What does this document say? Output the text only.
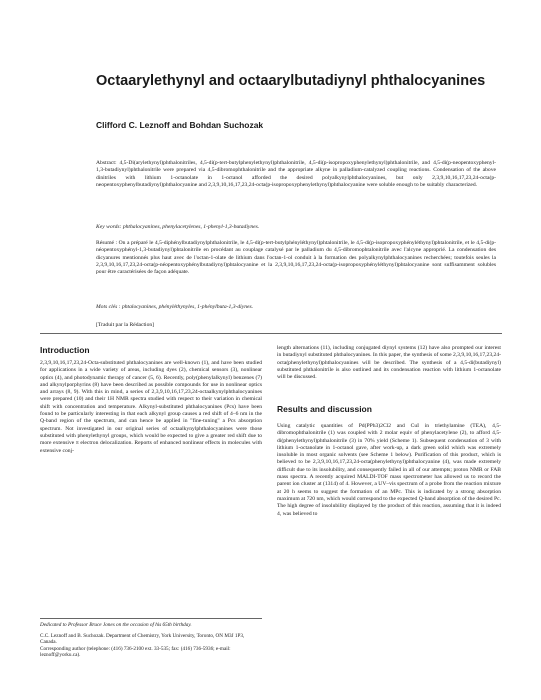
Octaarylethynyl and octaarylbutadiynyl phthalocyanines
Clifford C. Leznoff and Bohdan Suchozak
Abstract: 4,5-Di(arylethynyl)phthalonitriles, 4,5-di(p-tert-butylphenylethynyl)phthalonitrile, 4,5-di(p-isopropoxyphenylethynyl)phthalonitrile, and 4,5-di(p-neopentoxyphenyl-1,3-butadiynyl)phthalonitrile were prepared via 4,5-dibromophthalonitrile and the appropriate alkyne in palladium-catalyzed coupling reactions. Condensation of the above dinitriles with lithium 1-octanolate in 1-octanol afforded the desired polyalkynylphthalocyanines, but only 2,3,9,10,16,17,23,24-octa(p-neopentoxyphenylbutadiynyl)phthalocyanine and 2,3,9,10,16,17,23,24-octa(p-isopropoxyphenylethynyl)phthalocyanine were soluble enough to be suitably characterized.
Key words: phthalocyanines, phenylacetylenes, 1-phenyl-1,3-butadiynes.
Résumé : On a préparé le 4,5-diphénylbutadiynylphthalonitrile, le 4,5-di(p-tert-butylphényléthynyl)phtalonitrile, le 4,5-di(p-isopropoxyphényléthynyl)phtalonitrile, et le 4,5-di(p-néopentoxyphényl-1,3-butadiynyl)phtalonitrile en procédant au couplage catalysé par le palladium du 4,5-dibromophtalonitrile avec l'alcyne approprié. La condensation des dicyanures mentionnés plus haut avec de l'octan-1-olate de lithium dans l'octan-1-ol conduit à la formation des polyalkynylphthalocyanines recherchées; toutefois seules la 2,3,9,10,16,17,23,24-octa(p-néopentoxyphénylbutadiynyl)phtalocyanine et la 2,3,9,10,16,17,23,24-octa(p-isopropoxyphényléthynyl)phtalocyanine sont suffisamment solubles pour être caractérisées de façon adéquate.
Mots clés : phtalocyanines, phényléthynyles, 1-phénylbuta-1,3-diynes.
[Traduit par la Rédaction]
Introduction
2,3,9,10,16,17,23,24-Octa-substituted phthalocyanines are well-known (1), and have been studied for applications in a wide variety of areas, including dyes (2), chemical sensors (3), nonlinear optics (4), and photodynamic therapy of cancer (5, 6). Recently, poly(phenylalkynyl) benzenes (7) and alkynylporphyrins (8) have been described as possible compounds for use in nonlinear optics and arrays (8, 9). With this in mind, a series of 2,3,9,10,16,17,23,24-octaalkynylphthalocyanines were prepared (10) and their 1H NMR spectra studied with respect to their variation in chemical shift with concentration and temperature. Alkynyl-substituted phthalocyanines (Pcs) have been found to be particularly interesting in that each alkynyl group causes a red shift of 4–6 nm in the Q-band region of the spectrum, and can hence be applied in "fine-tuning" a Pcs absorption spectrum. Not investigated in our original series of octaalkynylphthalocyanines were those substituted with phenylethynyl groups, which would be expected to give a greater red shift due to more extensive π electron delocalization. Reports of enhanced nonlinear effects in molecules with extensive conj-
length alternations (11), including conjugated diynyl systems (12) have also prompted our interest in butadiynyl substituted phthalocyanines. In this paper, the synthesis of some 2,3,9,10,16,17,23,24-octa(phenylethynyl)phthalocyanines will be described. The synthesis of a 4,5-di(butadiynyl) substituted phthalonitrile is also outlined and its condensation reaction with lithium 1-octanolate will be discussed.
Results and discussion
Using catalytic quantities of Pd(PPh3)2Cl2 and CuI in triethylamine (TEA), 4,5-dibromophthalonitrile (1) was coupled with 2 molar equiv of phenylacetylene (2), to afford 4,5-di(phenylethynyl)phthalonitrile (3) in 70% yield (Scheme 1). Subsequent condensation of 3 with lithium 1-octanolate in 1-octanol gave, after work-up, a dark green solid which was extremely insoluble in most organic solvents (see Scheme 1 below). Purification of this product, which is believed to be 2,3,9,10,16,17,23,24-octa(phenylethynyl)phthalocyanine (4), was made extremely difficult due to its insolubility, and consequently failed in all of our attempts; proton NMR or FAB mass spectra. A recently acquired MALDI-TOF mass spectrometer has allowed us to record the parent ion cluster at (1314) of 4. However, a UV–vis spectrum of a probe from the reaction mixture at 20 h seems to suggest the formation of an MPc. This is indicated by a strong absorption maximum at 720 nm, which would correspond to the expected Q-band absorption of the desired Pc. The high degree of insolubility displayed by the product of this reaction, assuming that it is indeed 4, was believed to
Dedicated to Professor Bruce Jones on the occasion of his 65th birthday.
C.C. Leznoff and B. Suchozak. Department of Chemistry, York University, Toronto, ON M3J 1P3, Canada.
Corresponding author (telephone: (416) 736-2100 ext. 33-535; fax: (416) 736-5936; e-mail: leznoff@yorku.ca).
